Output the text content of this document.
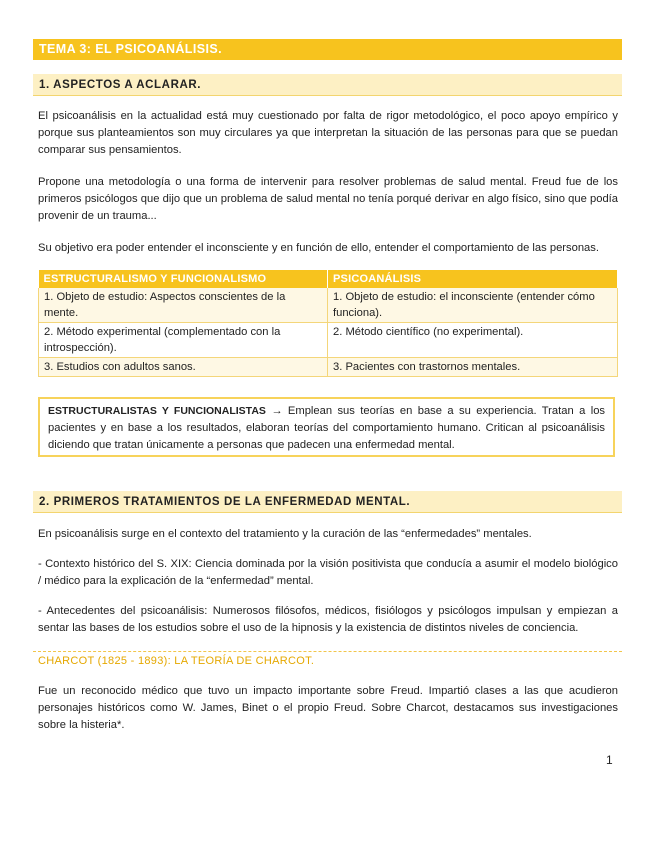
TEMA 3: EL PSICOANÁLISIS.
1. ASPECTOS A ACLARAR.

El psicoanálisis en la actualidad está muy cuestionado por falta de rigor metodológico, el poco apoyo empírico y porque sus planteamientos son muy circulares ya que interpretan la situación de las personas para que se puedan comparar sus pensamientos.

Propone una metodología o una forma de intervenir para resolver problemas de salud mental. Freud fue de los primeros psicólogos que dijo que un problema de salud mental no tenía porqué derivar en algo físico, sino que podía provenir de un trauma...

Su objetivo era poder entender el inconsciente y en función de ello, entender el comportamiento de las personas.

ESTRUCTURALISMO Y FUNCIONALISMO	PSICOANÁLISIS
1. Objeto de estudio: Aspectos conscientes de la mente.	1. Objeto de estudio: el inconsciente (entender cómo funciona).
2. Método experimental (complementado con la introspección).	2. Método científico (no experimental).
3. Estudios con adultos sanos.	3. Pacientes con trastornos mentales.
ESTRUCTURALISTAS Y FUNCIONALISTAS → Emplean sus teorías en base a su experiencia. Tratan a los pacientes y en base a los resultados, elaboran teorías del comportamiento humano. Critican al psicoanálisis diciendo que tratan únicamente a personas que padecen una enfermedad mental.
2. PRIMEROS TRATAMIENTOS DE LA ENFERMEDAD MENTAL.

En psicoanálisis surge en el contexto del tratamiento y la curación de las “enfermedades” mentales.

- Contexto histórico del S. XIX: Ciencia dominada por la visión positivista que conducía a asumir el modelo biológico / médico para la explicación de la “enfermedad” mental.

- Antecedentes del psicoanálisis: Numerosos filósofos, médicos, fisiólogos y psicólogos impulsan y empiezan a sentar las bases de los estudios sobre el uso de la hipnosis y la existencia de distintos niveles de conciencia.

CHARCOT (1825 - 1893): LA TEORÍA DE CHARCOT.

Fue un reconocido médico que tuvo un impacto importante sobre Freud. Impartió clases a las que acudieron personajes históricos como W. James, Binet o el propio Freud. Sobre Charcot, destacamos sus investigaciones sobre la histeria*.

1
